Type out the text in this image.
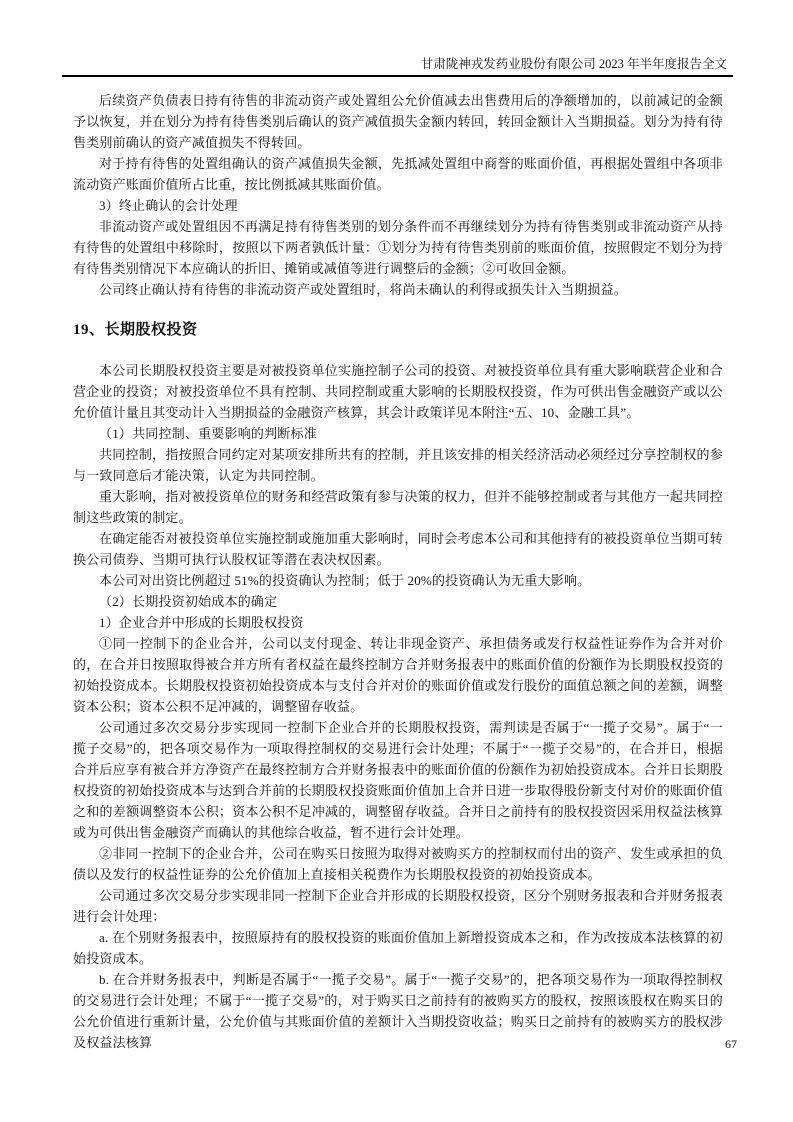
甘肃陇神戎发药业股份有限公司 2023 年半年度报告全文

后续资产负债表日持有待售的非流动资产或处置组公允价值减去出售费用后的净额增加的，以前减记的金额予以恢复，并在划分为持有待售类别后确认的资产减值损失金额内转回，转回金额计入当期损益。划分为持有待售类别前确认的资产减值损失不得转回。

对于持有待售的处置组确认的资产减值损失金额，先抵减处置组中商誉的账面价值，再根据处置组中各项非流动资产账面价值所占比重，按比例抵减其账面价值。

3）终止确认的会计处理

非流动资产或处置组因不再满足持有待售类别的划分条件而不再继续划分为持有待售类别或非流动资产从持有待售的处置组中移除时，按照以下两者孰低计量：①划分为持有待售类别前的账面价值，按照假定不划分为持有待售类别情况下本应确认的折旧、摊销或减值等进行调整后的金额；②可收回金额。

公司终止确认持有待售的非流动资产或处置组时，将尚未确认的利得或损失计入当期损益。

19、长期股权投资

本公司长期股权投资主要是对被投资单位实施控制子公司的投资、对被投资单位具有重大影响联营企业和合营企业的投资；对被投资单位不具有控制、共同控制或重大影响的长期股权投资，作为可供出售金融资产或以公允价值计量且其变动计入当期损益的金融资产核算，其会计政策详见本附注“五、10、金融工具”。

（1）共同控制、重要影响的判断标准

共同控制，指按照合同约定对某项安排所共有的控制，并且该安排的相关经济活动必须经过分享控制权的参与一致同意后才能决策，认定为共同控制。

重大影响，指对被投资单位的财务和经营政策有参与决策的权力，但并不能够控制或者与其他方一起共同控制这些政策的制定。

在确定能否对被投资单位实施控制或施加重大影响时，同时会考虑本公司和其他持有的被投资单位当期可转换公司债券、当期可执行认股权证等潜在表决权因素。

本公司对出资比例超过 51%的投资确认为控制；低于 20%的投资确认为无重大影响。

（2）长期投资初始成本的确定

1）企业合并中形成的长期股权投资

①同一控制下的企业合并，公司以支付现金、转让非现金资产、承担债务或发行权益性证券作为合并对价的，在合并日按照取得被合并方所有者权益在最终控制方合并财务报表中的账面价值的份额作为长期股权投资的初始投资成本。长期股权投资初始投资成本与支付合并对价的账面价值或发行股份的面值总额之间的差额，调整资本公积；资本公积不足冲减的，调整留存收益。

公司通过多次交易分步实现同一控制下企业合并的长期股权投资，需判读是否属于“一揽子交易”。属于“一揽子交易”的，把各项交易作为一项取得控制权的交易进行会计处理；不属于“一揽子交易”的，在合并日，根据合并后应享有被合并方净资产在最终控制方合并财务报表中的账面价值的份额作为初始投资成本。合并日长期股权投资的初始投资成本与达到合并前的长期股权投资账面价值加上合并日进一步取得股份新支付对价的账面价值之和的差额调整资本公积；资本公积不足冲减的，调整留存收益。合并日之前持有的股权投资因采用权益法核算或为可供出售金融资产而确认的其他综合收益，暂不进行会计处理。

②非同一控制下的企业合并，公司在购买日按照为取得对被购买方的控制权而付出的资产、发生或承担的负债以及发行的权益性证券的公允价值加上直接相关税费作为长期股权投资的初始投资成本。

公司通过多次交易分步实现非同一控制下企业合并形成的长期股权投资，区分个别财务报表和合并财务报表进行会计处理：

a. 在个别财务报表中，按照原持有的股权投资的账面价值加上新增投资成本之和，作为改按成本法核算的初始投资成本。

b. 在合并财务报表中，判断是否属于“一揽子交易”。属于“一揽子交易”的，把各项交易作为一项取得控制权的交易进行会计处理；不属于“一揽子交易”的，对于购买日之前持有的被购买方的股权，按照该股权在购买日的公允价值进行重新计量，公允价值与其账面价值的差额计入当期投资收益；购买日之前持有的被购买方的股权涉及权益法核算	67
